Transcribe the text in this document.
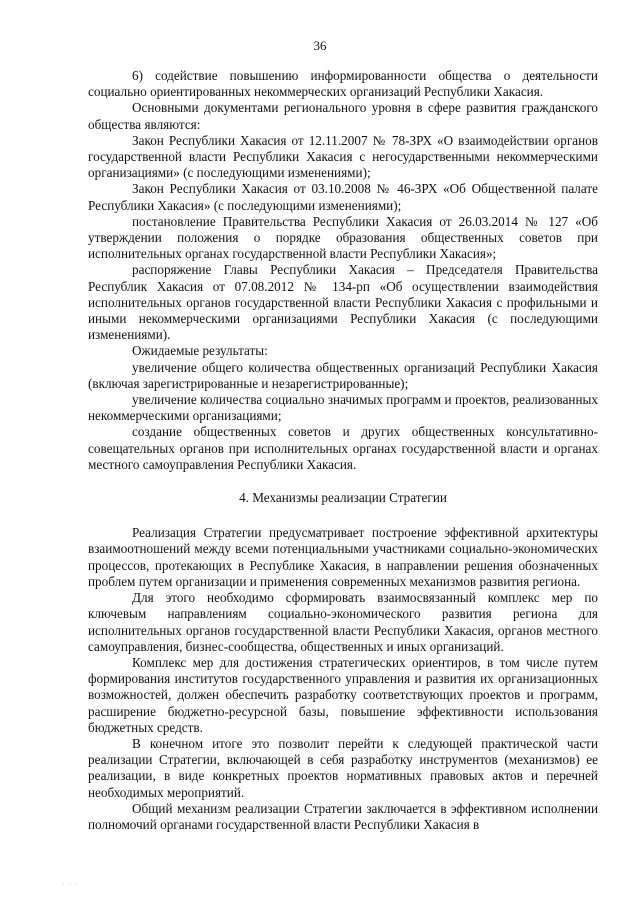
36

6) содействие повышению информированности общества о деятельности социально ориентированных некоммерческих организаций Республики Хакасия.

Основными документами регионального уровня в сфере развития гражданского общества являются:

Закон Республики Хакасия от 12.11.2007 № 78-ЗРХ «О взаимодействии органов государственной власти Республики Хакасия с негосударственными некоммерческими организациями» (с последующими изменениями);

Закон Республики Хакасия от 03.10.2008 № 46-ЗРХ «Об Общественной палате Республики Хакасия» (с последующими изменениями);

постановление Правительства Республики Хакасия от 26.03.2014 № 127 «Об утверждении положения о порядке образования общественных советов при исполнительных органах государственной власти Республики Хакасия»;

распоряжение Главы Республики Хакасия – Председателя Правительства Республик Хакасия от 07.08.2012 № 134-рп «Об осуществлении взаимодействия исполнительных органов государственной власти Республики Хакасия с профильными и иными некоммерческими организациями Республики Хакасия (с последующими изменениями).

Ожидаемые результаты:

увеличение общего количества общественных организаций Республики Хакасия (включая зарегистрированные и незарегистрированные);

увеличение количества социально значимых программ и проектов, реализованных некоммерческими организациями;

создание общественных советов и других общественных консультативно-совещательных органов при исполнительных органах государственной власти и органах местного самоуправления Республики Хакасия.

4. Механизмы реализации Стратегии

Реализация Стратегии предусматривает построение эффективной архитектуры взаимоотношений между всеми потенциальными участниками социально-экономических процессов, протекающих в Республике Хакасия, в направлении решения обозначенных проблем путем организации и применения современных механизмов развития региона.

Для этого необходимо сформировать взаимосвязанный комплекс мер по ключевым направлениям социально-экономического развития региона для исполнительных органов государственной власти Республики Хакасия, органов местного самоуправления, бизнес-сообщества, общественных и иных организаций.

Комплекс мер для достижения стратегических ориентиров, в том числе путем формирования институтов государственного управления и развития их организационных возможностей, должен обеспечить разработку соответствующих проектов и программ, расширение бюджетно-ресурсной базы, повышение эффективности использования бюджетных средств.

В конечном итоге это позволит перейти к следующей практической части реализации Стратегии, включающей в себя разработку инструментов (механизмов) ее реализации, в виде конкретных проектов нормативных правовых актов и перечней необходимых мероприятий.

Общий механизм реализации Стратегии заключается в эффективном исполнении полномочий органами государственной власти Республики Хакасия в

· · ·
